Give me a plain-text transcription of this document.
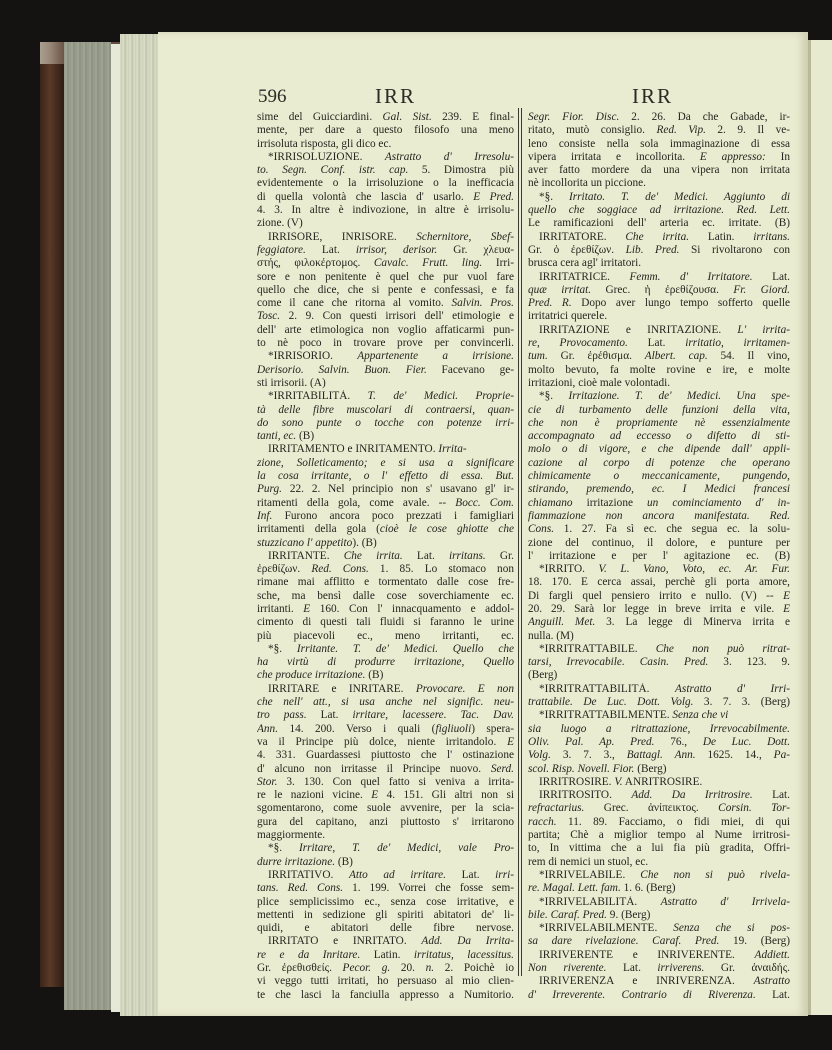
596	IRR	IRR
sime del Guicciardini. Gal. Sist. 239. E final-
mente, per dare a questo filosofo una meno
irrisoluta risposta, gli dico ec.
*IRRISOLUZIONE. Astratto d' Irresolu-
to. Segn. Conf. istr. cap. 5. Dimostra più
evidentemente o la irrisoluzione o la inefficacia
di quella volontà che lascia d' usarlo. E Pred.
4. 3. In altre è indivozione, in altre è irrisolu-
zione. (V)
IRRISORE, INRISORE. Schernitore, Sbef-
feggiatore. Lat. irrisor, derisor. Gr. χλευα-
στής, φιλοκέρτομος. Cavalc. Frutt. ling. Irri-
sore e non penitente è quel che pur vuol fare
quello che dice, che si pente e confessasi, e fa
come il cane che ritorna al vomito. Salvin. Pros.
Tosc. 2. 9. Con questi irrisori dell' etimologie e
dell' arte etimologica non voglio affaticarmi pun-
to nè poco in trovare prove per convincerli.
*IRRISORIO. Appartenente a irrisione.
Derisorio. Salvin. Buon. Fier. Facevano ge-
sti irrisorii. (A)
*IRRITABILITÀ. T. de' Medici. Proprie-
tà delle fibre muscolari di contraersi, quan-
do sono punte o tocche con potenze irri-
tanti, ec. (B)
IRRITAMENTO e INRITAMENTO. Irrita-
zione, Solleticamento; e si usa a significare
la cosa irritante, o l' effetto di essa. But.
Purg. 22. 2. Nel principio non s' usavano gl' ir-
ritamenti della gola, come avale. -- Bocc. Com.
Inf. Furono ancora poco prezzati i famigliari
irritamenti della gola (cioè le cose ghiotte che
stuzzicano l' appetito). (B)
IRRITANTE. Che irrita. Lat. irritans. Gr.
ἐρεθίζων. Red. Cons. 1. 85. Lo stomaco non
rimane mai afflitto e tormentato dalle cose fre-
sche, ma bensì dalle cose soverchiamente ec.
irritanti. E 160. Con l' innacquamento e addol-
cimento di questi tali fluidi si faranno le urine
più piacevoli ec., meno irritanti, ec.
*§. Irritante. T. de' Medici. Quello che
ha virtù di produrre irritazione, Quello
che produce irritazione. (B)
IRRITARE e INRITARE. Provocare. E non
che nell' att., si usa anche nel signific. neu-
tro pass. Lat. irritare, lacessere. Tac. Dav.
Ann. 14. 200. Verso i quali (figliuoli) spera-
va il Principe più dolce, niente irritandolo. E
4. 331. Guardassesi piuttosto che l' ostinazione
d' alcuno non irritasse il Principe nuovo. Serd.
Stor. 3. 130. Con quel fatto si veniva a irrita-
re le nazioni vicine. E 4. 151. Gli altri non si
sgomentarono, come suole avvenire, per la scia-
gura del capitano, anzi piuttosto s' irritarono
maggiormente.
*§. Irritare, T. de' Medici, vale Pro-
durre irritazione. (B)
IRRITATIVO. Atto ad irritare. Lat. irri-
tans. Red. Cons. 1. 199. Vorrei che fosse sem-
plice semplicissimo ec., senza cose irritative, e
mettenti in sedizione gli spiriti abitatori de' li-
quidi, e abitatori delle fibre nervose.
IRRITATO e INRITATO. Add. Da Irrita-
re e da Inritare. Latin. irritatus, lacessitus.
Gr. ἐρεθισθείς. Pecor. g. 20. n. 2. Poichè io
vi veggo tutti irritati, ho persuaso al mio clien-
te che lasci la fanciulla appresso a Numitorio.
Segr. Fior. Disc. 2. 26. Da che Gabade, ir-
ritato, mutò consiglio. Red. Vip. 2. 9. Il ve-
leno consiste nella sola immaginazione di essa
vipera irritata e incollorita. E appresso: In
aver fatto mordere da una vipera non irritata
nè incollorita un piccione.
*§. Irritato. T. de' Medici. Aggiunto di
quello che soggiace ad irritazione. Red. Lett.
Le ramificazioni dell' arteria ec. irritate. (B)
IRRITATORE. Che irrita. Latin. irritans.
Gr. ὁ ἐρεθίζων. Lib. Pred. Si rivoltarono con
brusca cera agl' irritatori.
IRRITATRICE. Femm. d' Irritatore. Lat.
quæ irritat. Grec. ἡ ἐρεθίζουσα. Fr. Giord.
Pred. R. Dopo aver lungo tempo sofferto quelle
irritatrici querele.
IRRITAZIONE e INRITAZIONE. L' irrita-
re, Provocamento. Lat. irritatio, irritamen-
tum. Gr. ἐρέθισμα. Albert. cap. 54. Il vino,
molto bevuto, fa molte rovine e ire, e molte
irritazioni, cioè male volontadi.
*§. Irritazione. T. de' Medici. Una spe-
cie di turbamento delle funzioni della vita,
che non è propriamente nè essenzialmente
accompagnato ad eccesso o difetto di sti-
molo o di vigore, e che dipende dall' appli-
cazione al corpo di potenze che operano
chimicamente o meccanicamente, pungendo,
stirando, premendo, ec. I Medici francesi
chiamano irritazione un cominciamento d' in-
fiammazione non ancora manifestata. Red.
Cons. 1. 27. Fa sì ec. che segua ec. la solu-
zione del continuo, il dolore, e punture per
l' irritazione e per l' agitazione ec. (B)
*IRRITO. V. L. Vano, Voto, ec. Ar. Fur.
18. 170. E cerca assai, perchè gli porta amore,
Di fargli quel pensiero irrito e nullo. (V) -- E
20. 29. Sarà lor legge in breve irrita e vile. E
Anguill. Met. 3. La legge di Minerva irrita e
nulla. (M)
*IRRITRATTABILE. Che non può ritrat-
tarsi, Irrevocabile. Casin. Pred. 3. 123. 9.
(Berg)
*IRRITRATTABILITÀ. Astratto d' Irri-
trattabile. De Luc. Dott. Volg. 3. 7. 3. (Berg)
*IRRITRATTABILMENTE. Senza che vi
sia luogo a ritrattazione, Irrevocabilmente.
Oliv. Pal. Ap. Pred. 76., De Luc. Dott.
Volg. 3. 7. 3., Battagl. Ann. 1625. 14., Pa-
scol. Risp. Novell. Fior. (Berg)
IRRITROSIRE. V. ANRITROSIRE.
IRRITROSITO. Add. Da Irritrosire. Lat.
refractarius. Grec. ἀνίπεικτος. Corsin. Tor-
racch. 11. 89. Facciamo, o fidi miei, di qui
partita; Chè a miglior tempo al Nume irritrosi-
to, In vittima che a lui fia più gradita, Offri-
rem di nemici un stuol, ec.
*IRRIVELABILE. Che non si può rivela-
re. Magal. Lett. fam. 1. 6. (Berg)
*IRRIVELABILITÀ. Astratto d' Irrivela-
bile. Caraf. Pred. 9. (Berg)
*IRRIVELABILMENTE. Senza che si pos-
sa dare rivelazione. Caraf. Pred. 19. (Berg)
IRRIVERENTE e INRIVERENTE. Addiett.
Non riverente. Lat. irriverens. Gr. ἀναιδής.
IRRIVERENZA e INRIVERENZA. Astratto
d' Irreverente. Contrario di Riverenza. Lat.
